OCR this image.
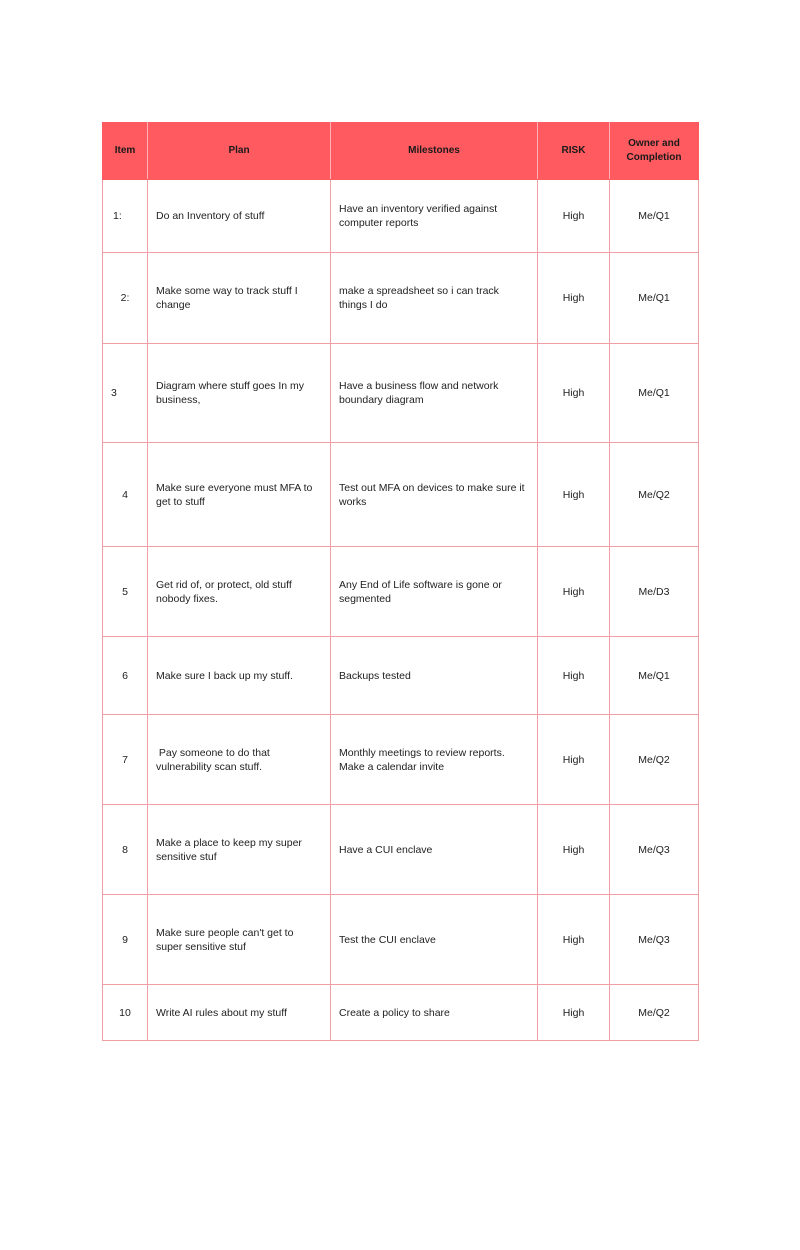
Item	Plan	Milestones	RISK	Owner and Completion
1:	Do an Inventory of stuff	Have an inventory verified against computer reports	High	Me/Q1
2:	Make some way to track stuff I change	make a spreadsheet so i can track things I do	High	Me/Q1
3	Diagram where stuff goes In my business,	Have a business flow and network boundary diagram	High	Me/Q1
4	Make sure everyone must MFA to get to stuff	Test out MFA on devices to make sure it works	High	Me/Q2
5	Get rid of, or protect, old stuff nobody fixes.	Any End of Life software is gone or segmented	High	Me/D3
6	Make sure I back up my stuff.	Backups tested	High	Me/Q1
7	Pay someone to do that vulnerability scan stuff.	Monthly meetings to review reports. Make a calendar invite	High	Me/Q2
8	Make a place to keep my super sensitive stuf	Have a CUI enclave	High	Me/Q3
9	Make sure people can't get to super sensitive stuf	Test the CUI enclave	High	Me/Q3
10	Write AI rules about my stuff	Create a policy to share	High	Me/Q2
